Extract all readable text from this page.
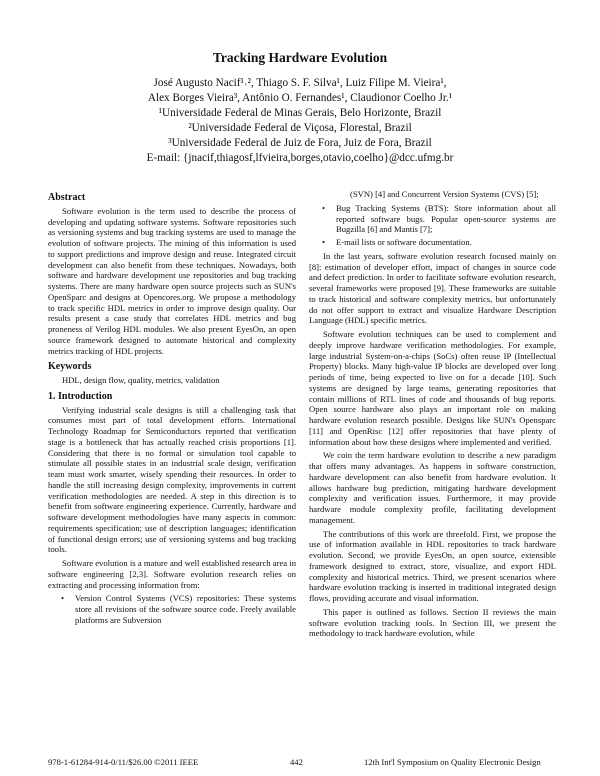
Tracking Hardware Evolution
José Augusto Nacif¹˒², Thiago S. F. Silva¹, Luiz Filipe M. Vieira¹,
Alex Borges Vieira³, Antônio O. Fernandes¹, Claudionor Coelho Jr.¹
¹Universidade Federal de Minas Gerais, Belo Horizonte, Brazil
²Universidade Federal de Viçosa, Florestal, Brazil
³Universidade Federal de Juiz de Fora, Juiz de Fora, Brazil
E-mail: {jnacif,thiagosf,lfvieira,borges,otavio,coelho}@dcc.ufmg.br
Abstract

Software evolution is the term used to describe the process of developing and updating software systems. Software repositories such as versioning systems and bug tracking systems are used to manage the evolution of software projects. The mining of this information is used to support predictions and improve design and reuse. Integrated circuit development can also benefit from these techniques. Nowadays, both software and hardware development use repositories and bug tracking systems. There are many hardware open source projects such as SUN's OpenSparc and designs at Opencores.org. We propose a methodology to track specific HDL metrics in order to improve design quality. Our results present a case study that correlates HDL metrics and bug proneness of Verilog HDL modules. We also present EyesOn, an open source framework designed to automate historical and complexity metrics tracking of HDL projects.

Keywords

HDL, design flow, quality, metrics, validation

1. Introduction

Verifying industrial scale designs is still a challenging task that consumes most part of total development efforts. International Technology Roadmap for Semiconductors reported that verification stage is a bottleneck that has actually reached crisis proportions [1]. Considering that there is no formal or simulation tool capable to stimulate all possible states in an industrial scale design, verification team must work smarter, wisely spending their resources. In order to handle the still increasing design complexity, improvements in current verification methodologies are needed. A step in this direction is to benefit from software engineering experience. Currently, hardware and software development methodologies have many aspects in common: requirements specification; use of description languages; identification of functional design errors; use of versioning systems and bug tracking tools.

Software evolution is a mature and well established research area in software engineering [2,3]. Software evolution research relies on extracting and processing information from:

• Version Control Systems (VCS) repositories: These systems store all revisions of the software source code. Freely available platforms are Subversion

(SVN) [4] and Concurrent Version Systems (CVS) [5];

• Bug Tracking Systems (BTS): Store information about all reported software bugs. Popular open-source systems are Bugzilla [6] and Mantis [7];
• E-mail lists or software documentation.

In the last years, software evolution research focused mainly on [8]: estimation of developer effort, impact of changes in source code and defect prediction. In order to facilitate software evolution research, several frameworks were proposed [9]. These frameworks are suitable to track historical and software complexity metrics, but unfortunately do not offer support to extract and visualize Hardware Description Language (HDL) specific metrics.

Software evolution techniques can be used to complement and deeply improve hardware verification methodologies. For example, large industrial System-on-a-chips (SoCs) often reuse IP (Intellectual Property) blocks. Many high-value IP blocks are developed over long periods of time, being expected to live on for a decade [10]. Such systems are designed by large teams, generating repositories that contain millions of RTL lines of code and thousands of bug reports. Open source hardware also plays an important role on making hardware evolution research possible. Designs like SUN's Opensparc [11] and OpenRisc [12] offer repositories that have plenty of information about how these designs where implemented and verified.

We coin the term hardware evolution to describe a new paradigm that offers many advantages. As happens in software construction, hardware development can also benefit from hardware evolution. It allows hardware bug prediction, mitigating hardware development complexity and verification issues. Furthermore, it may provide hardware module complexity profile, facilitating development management.

The contributions of this work are threefold. First, we propose the use of information available in HDL repositories to track hardware evolution. Second, we provide EyesOn, an open source, extensible framework designed to extract, store, visualize, and export HDL complexity and historical metrics. Third, we present scenarios where hardware evolution tracking is inserted in traditional integrated design flows, providing accurate and visual information.

This paper is outlined as follows. Section II reviews the main software evolution tracking tools. In Section III, we present the methodology to track hardware evolution, while

978-1-61284-914-0/11/$26.00 ©2011 IEEE	442	12th Int'l Symposium on Quality Electronic Design
